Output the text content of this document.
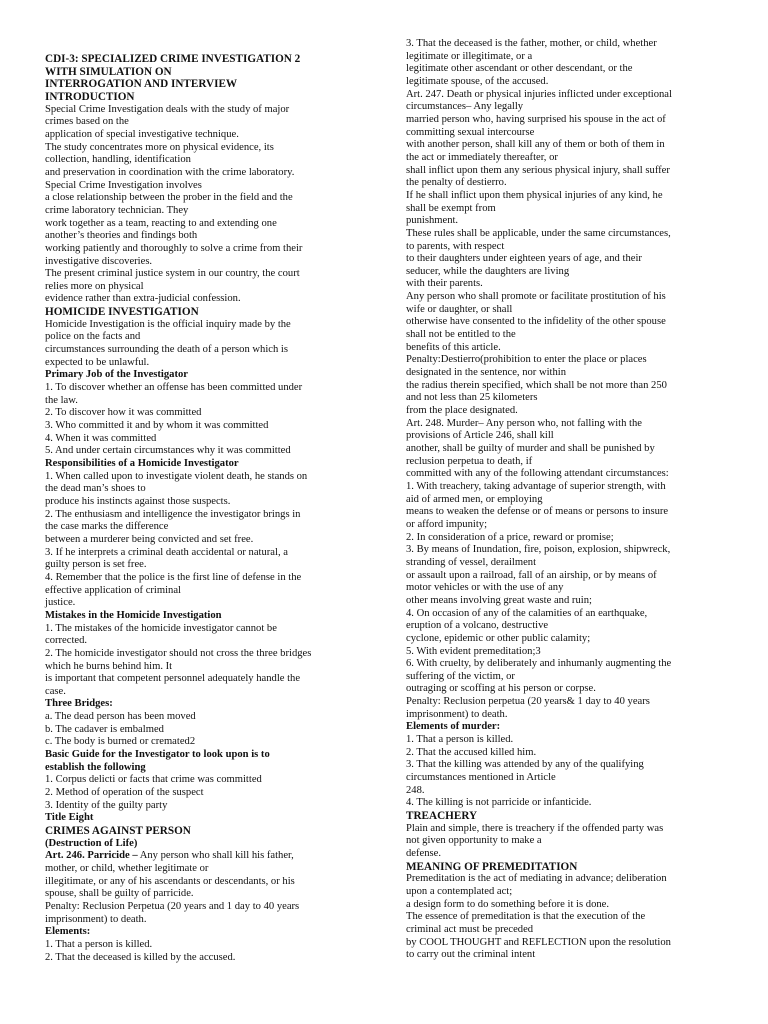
CDI-3: SPECIALIZED CRIME INVESTIGATION 2
WITH SIMULATION ON
INTERROGATION AND INTERVIEW
INTRODUCTION
Special Crime Investigation deals with the study of major
crimes based on the
application of special investigative technique.
The study concentrates more on physical evidence, its
collection, handling, identification
and preservation in coordination with the crime laboratory.
Special Crime Investigation involves
a close relationship between the prober in the field and the
crime laboratory technician. They
work together as a team, reacting to and extending one
another’s theories and findings both
working patiently and thoroughly to solve a crime from their
investigative discoveries.
The present criminal justice system in our country, the court
relies more on physical
evidence rather than extra-judicial confession.
HOMICIDE INVESTIGATION
Homicide Investigation is the official inquiry made by the
police on the facts and
circumstances surrounding the death of a person which is
expected to be unlawful.
Primary Job of the Investigator
1. To discover whether an offense has been committed under
the law.
2. To discover how it was committed
3. Who committed it and by whom it was committed
4. When it was committed
5. And under certain circumstances why it was committed
Responsibilities of a Homicide Investigator
1. When called upon to investigate violent death, he stands on
the dead man’s shoes to
produce his instincts against those suspects.
2. The enthusiasm and intelligence the investigator brings in
the case marks the difference
between a murderer being convicted and set free.
3. If he interprets a criminal death accidental or natural, a
guilty person is set free.
4. Remember that the police is the first line of defense in the
effective application of criminal
justice.
Mistakes in the Homicide Investigation
1. The mistakes of the homicide investigator cannot be
corrected.
2. The homicide investigator should not cross the three bridges
which he burns behind him. It
is important that competent personnel adequately handle the
case.
Three Bridges:
a. The dead person has been moved
b. The cadaver is embalmed
c. The body is burned or cremated2
Basic Guide for the Investigator to look upon is to
establish the following
1. Corpus delicti or facts that crime was committed
2. Method of operation of the suspect
3. Identity of the guilty party
Title Eight
CRIMES AGAINST PERSON
(Destruction of Life)
Art. 246. Parricide – Any person who shall kill his father,
mother, or child, whether legitimate or
illegitimate, or any of his ascendants or descendants, or his
spouse, shall be guilty of parricide.
Penalty: Reclusion Perpetua (20 years and 1 day to 40 years
imprisonment) to death.
Elements:
1. That a person is killed.
2. That the deceased is killed by the accused.
3. That the deceased is the father, mother, or child, whether
legitimate or illegitimate, or a
legitimate other ascendant or other descendant, or the
legitimate spouse, of the accused.
Art. 247. Death or physical injuries inflicted under exceptional
circumstances– Any legally
married person who, having surprised his spouse in the act of
committing sexual intercourse
with another person, shall kill any of them or both of them in
the act or immediately thereafter, or
shall inflict upon them any serious physical injury, shall suffer
the penalty of destierro.
If he shall inflict upon them physical injuries of any kind, he
shall be exempt from
punishment.
These rules shall be applicable, under the same circumstances,
to parents, with respect
to their daughters under eighteen years of age, and their
seducer, while the daughters are living
with their parents.
Any person who shall promote or facilitate prostitution of his
wife or daughter, or shall
otherwise have consented to the infidelity of the other spouse
shall not be entitled to the
benefits of this article.
Penalty:Destierro(prohibition to enter the place or places
designated in the sentence, nor within
the radius therein specified, which shall be not more than 250
and not less than 25 kilometers
from the place designated.
Art. 248. Murder– Any person who, not falling with the
provisions of Article 246, shall kill
another, shall be guilty of murder and shall be punished by
reclusion perpetua to death, if
committed with any of the following attendant circumstances:
1. With treachery, taking advantage of superior strength, with
aid of armed men, or employing
means to weaken the defense or of means or persons to insure
or afford impunity;
2. In consideration of a price, reward or promise;
3. By means of Inundation, fire, poison, explosion, shipwreck,
stranding of vessel, derailment
or assault upon a railroad, fall of an airship, or by means of
motor vehicles or with the use of any
other means involving great waste and ruin;
4. On occasion of any of the calamities of an earthquake,
eruption of a volcano, destructive
cyclone, epidemic or other public calamity;
5. With evident premeditation;3
6. With cruelty, by deliberately and inhumanly augmenting the
suffering of the victim, or
outraging or scoffing at his person or corpse.
Penalty: Reclusion perpetua (20 years& 1 day to 40 years
imprisonment) to death.
Elements of murder:
1. That a person is killed.
2. That the accused killed him.
3. That the killing was attended by any of the qualifying
circumstances mentioned in Article
248.
4. The killing is not parricide or infanticide.
TREACHERY
Plain and simple, there is treachery if the offended party was
not given opportunity to make a
defense.
MEANING OF PREMEDITATION
Premeditation is the act of mediating in advance; deliberation
upon a contemplated act;
a design form to do something before it is done.
The essence of premeditation is that the execution of the
criminal act must be preceded
by COOL THOUGHT and REFLECTION upon the resolution
to carry out the criminal intent
